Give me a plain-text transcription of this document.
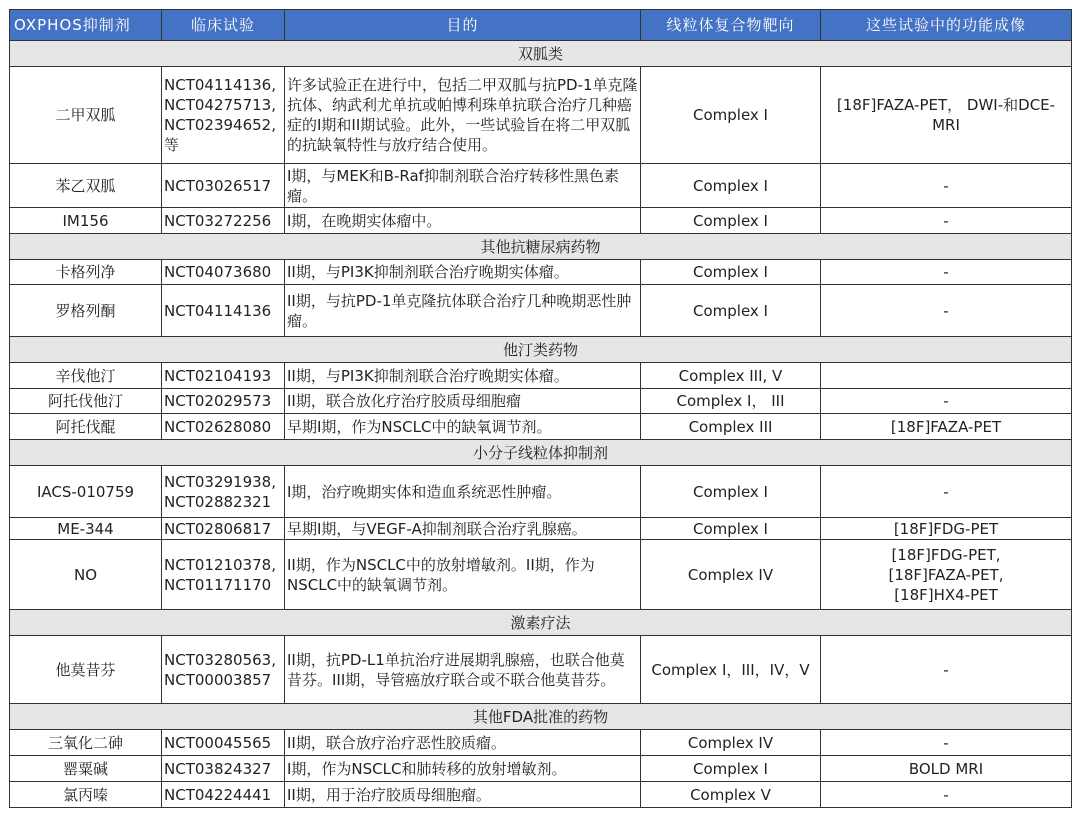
OXPHOS抑制剂	临床试验	目的	线粒体复合物靶向	这些试验中的功能成像
双胍类				
二甲双胍	NCT04114136,
NCT04275713,
NCT02394652,
等	许多试验正在进行中，包括二甲双胍与抗PD-1单克隆抗体、纳武利尤单抗或帕博利珠单抗联合治疗几种癌症的I期和II期试验。此外，一些试验旨在将二甲双胍的抗缺氧特性与放疗结合使用。	Complex I	[18F]FAZA-PET， DWI-和DCE-
MRI

苯乙双胍	NCT03026517	I期，与MEK和B-Raf抑制剂联合治疗转移性黑色素瘤。	Complex I	-

IM156	NCT03272256	I期，在晚期实体瘤中。	Complex I	-

其他抗糖尿病药物				
卡格列净	NCT04073680	II期，与PI3K抑制剂联合治疗晚期实体瘤。	Complex I	-

罗格列酮	NCT04114136	II期，与抗PD-1单克隆抗体联合治疗几种晚期恶性肿瘤。	Complex I	-

他汀类药物				
辛伐他汀	NCT02104193	II期，与PI3K抑制剂联合治疗晚期实体瘤。	Complex III, V	

阿托伐他汀	NCT02029573	II期，联合放化疗治疗胶质母细胞瘤	Complex I， III	-

阿托伐醌	NCT02628080	早期I期，作为NSCLC中的缺氧调节剂。	Complex III	[18F]FAZA-PET

小分子线粒体抑制剂				
IACS-010759	NCT03291938,
NCT02882321	I期，治疗晚期实体和造血系统恶性肿瘤。	Complex I	-

ME-344	NCT02806817	早期I期，与VEGF-A抑制剂联合治疗乳腺癌。	Complex I	[18F]FDG-PET

NO	NCT01210378,
NCT01171170	II期，作为NSCLC中的放射增敏剂。II期，作为NSCLC中的缺氧调节剂。	Complex IV	[18F]FDG-PET,
[18F]FAZA-PET,
[18F]HX4-PET

激素疗法				
他莫昔芬	NCT03280563,
NCT00003857	II期，抗PD-L1单抗治疗进展期乳腺癌，也联合他莫昔芬。III期，导管癌放疗联合或不联合他莫昔芬。	Complex I，III，IV，V	-

其他FDA批准的药物				
三氧化二砷	NCT00045565	II期，联合放疗治疗恶性胶质瘤。	Complex IV	-

罂粟碱	NCT03824327	I期，作为NSCLC和肺转移的放射增敏剂。	Complex I	BOLD MRI

氯丙嗪	NCT04224441	II期，用于治疗胶质母细胞瘤。	Complex V	-
